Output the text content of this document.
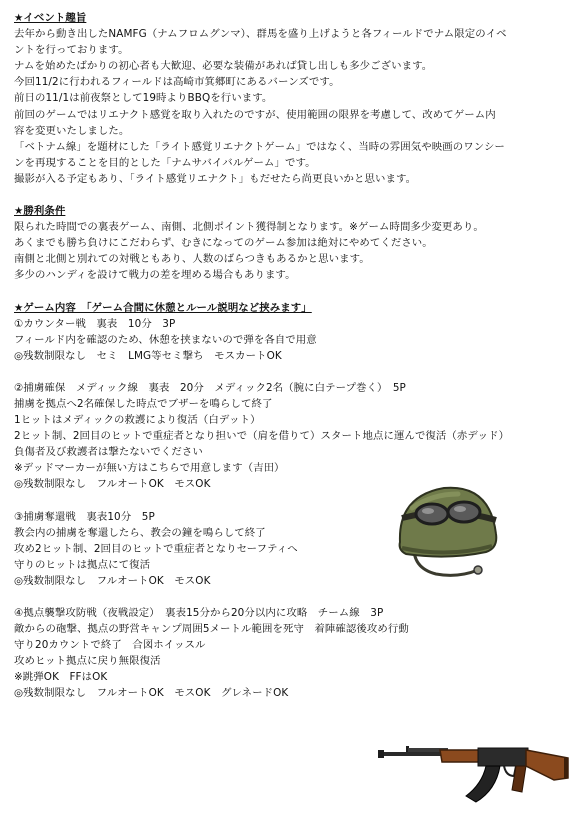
★イベント趣旨
去年から動き出したNAMFG（ナムフロムグンマ）、群馬を盛り上げようと各フィールドでナム限定のイベ
ントを行っております。
ナムを始めたばかりの初心者も大歓迎、必要な装備があれば貸し出しも多少ございます。
今回11/2に行われるフィールドは高崎市箕郷町にあるバーンズです。
前日の11/1は前夜祭として19時よりBBQを行います。
前回のゲームではリエナクト感覚を取り入れたのですが、使用範囲の限界を考慮して、改めてゲーム内
容を変更いたしました。
「ベトナム線」を題材にした「ライト感覚リエナクトゲーム」ではなく、当時の雰囲気や映画のワンシー
ンを再現することを目的とした「ナムサバイバルゲーム」です。
撮影が入る予定もあり、「ライト感覚リエナクト」もだせたら尚更良いかと思います。
★勝利条件
限られた時間での裏表ゲーム、南側、北側ポイント獲得制となります。※ゲーム時間多少変更あり。
あくまでも勝ち負けにこだわらず、むきになってのゲーム参加は絶対にやめてください。
南側と北側と別れての対戦ともあり、人数のばらつきもあるかと思います。
多少のハンディを設けて戦力の差を埋める場合もあります。
★ゲーム内容　「ゲーム合間に休憩とルール説明など挟みます」
①カウンター戦　裏表　10分　3P
フィールド内を確認のため、休憩を挟まないので弾を各自で用意
◎残数制限なし　セミ　LMG等セミ撃ち　モスカートOK
②捕虜確保　メディック線　裏表　20分　メディック2名（腕に白テープ巻く）　5P
捕虜を拠点へ2名確保した時点でブザーを鳴らして終了
1ヒットはメディックの救護により復活（白デット）
2ヒット制、2回目のヒットで重症者となり担いで（肩を借りて）スタート地点に運んで復活（赤デッド）
負傷者及び救護者は撃たないでください
※デッドマーカーが無い方はこちらで用意します（吉田）
◎残数制限なし　フルオートOK　モスOK
③捕虜奪還戦　裏表10分　5P
教会内の捕虜を奪還したら、教会の鐘を鳴らして終了
攻め2ヒット制、2回目のヒットで重症者となりセーフティへ
守りのヒットは拠点にて復活
◎残数制限なし　フルオートOK　モスOK
④拠点襲撃攻防戦（夜戦設定）　裏表15分から20分以内に攻略　チーム線　3P
敵からの砲撃、拠点の野営キャンプ周囲5メートル範囲を死守　着陣確認後攻め行動
守り20カウントで終了　合図ホイッスル
攻めヒット拠点に戻り無限復活
※跳弾OK　FFはOK
◎残数制限なし　フルオートOK　モスOK　グレネードOK
